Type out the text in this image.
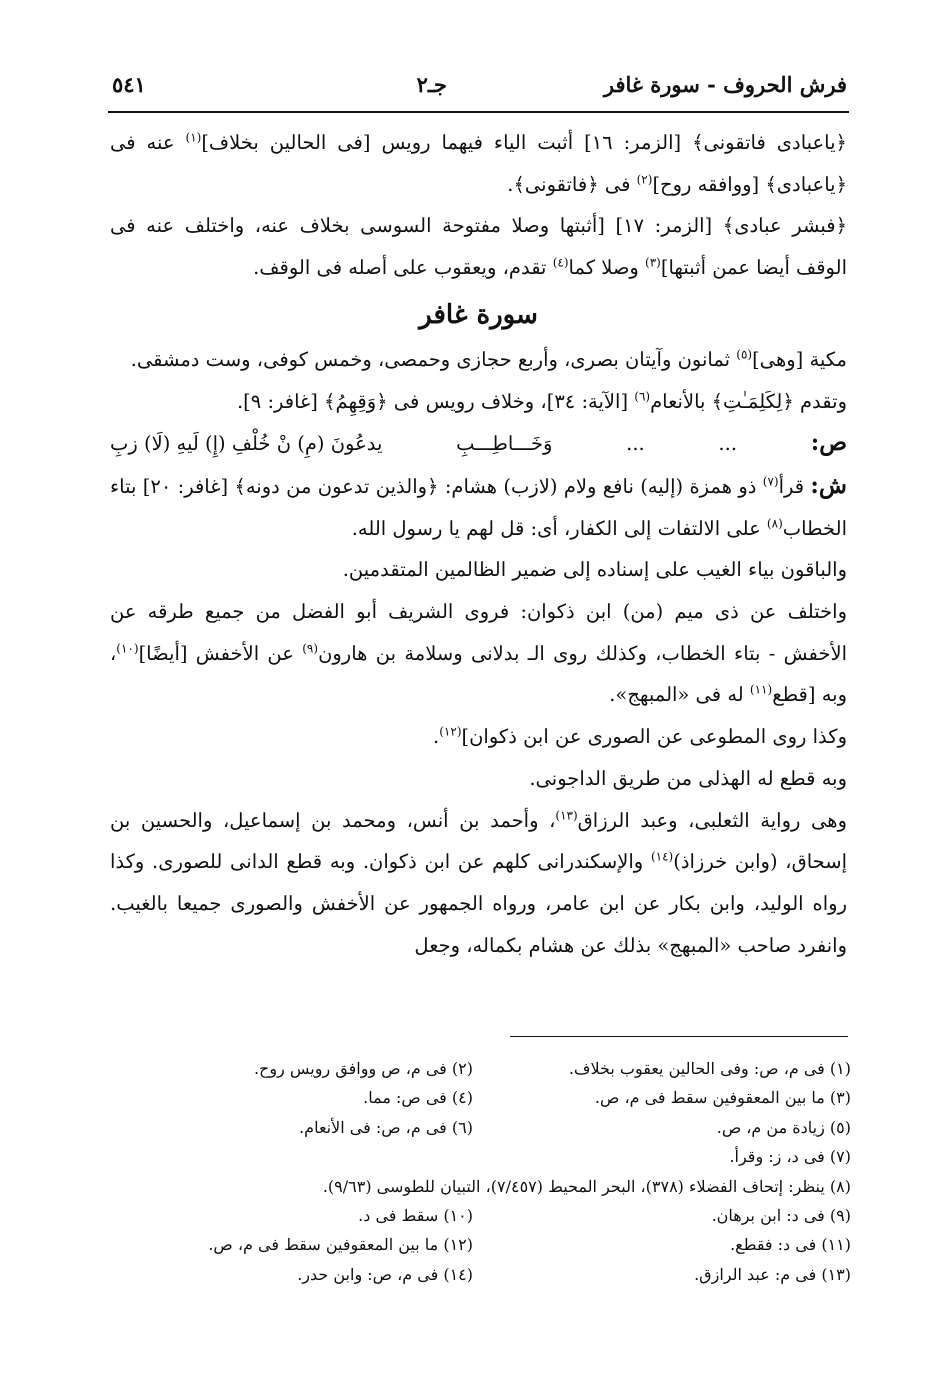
فرش الحروف - سورة غافر
جـ٢
٥٤١

﴿ياعبادى فاتقونى﴾ [الزمر: ١٦] أثبت الياء فيهما رويس [فى الحالين بخلاف]$^{(١)}$ عنه فى ﴿ياعبادى﴾ [ووافقه روح]$^{(٢)}$ فى ﴿فاتقونى﴾.

﴿فبشر عبادى﴾ [الزمر: ١٧] [أثبتها وصلا مفتوحة السوسى بخلاف عنه، واختلف عنه فى الوقف أيضا عمن أثبتها]$^{(٣)}$ وصلا كما$^{(٤)}$ تقدم، ويعقوب على أصله فى الوقف.

سورة غافر

مكية [وهى]$^{(٥)}$ ثمانون وآيتان بصرى، وأربع حجازى وحمصى، وخمس كوفى، وست دمشقى.

وتقدم ﴿لِكَلِمَـٰتِ﴾ بالأنعام$^{(٦)}$ [الآية: ٣٤]، وخلاف رويس فى ﴿وَقِهِمُ﴾ [غافر: ٩].

ص:
...
...
وَخَـــاطِـــبِ
يدعُونَ (مِ) نْ خُلْفِ (إِ) لَيهِ (لَا) زبِ

ش: قرأ$^{(٧)}$ ذو همزة (إليه) نافع ولام (لازب) هشام: ﴿والذين تدعون من دونه﴾ [غافر: ٢٠] بتاء الخطاب$^{(٨)}$ على الالتفات إلى الكفار، أى: قل لهم يا رسول الله.

والباقون بياء الغيب على إسناده إلى ضمير الظالمين المتقدمين.

واختلف عن ذى ميم (من) ابن ذكوان: فروى الشريف أبو الفضل من جميع طرقه عن الأخفش - بتاء الخطاب، وكذلك روى الـ بدلانى وسلامة بن هارون$^{(٩)}$ عن الأخفش [أيضًا]$^{(١٠)}$، وبه [قطع$^{(١١)}$ له فى «المبهج».

وكذا روى المطوعى عن الصورى عن ابن ذكوان]$^{(١٢)}$.

وبه قطع له الهذلى من طريق الداجونى.

وهى رواية الثعلبى، وعبد الرزاق$^{(١٣)}$، وأحمد بن أنس، ومحمد بن إسماعيل، والحسين بن إسحاق، (وابن خرزاذ)$^{(١٤)}$ والإسكندرانى كلهم عن ابن ذكوان. وبه قطع الدانى للصورى. وكذا رواه الوليد، وابن بكار عن ابن عامر، ورواه الجمهور عن الأخفش والصورى جميعا بالغيب. وانفرد صاحب «المبهج» بذلك عن هشام بكماله، وجعل

(١) فى م، ص: وفى الحالين يعقوب بخلاف.
(٢) فى م، ص ووافق رويس روح.
(٣) ما بين المعقوفين سقط فى م، ص.
(٤) فى ص: مما.
(٥) زيادة من م، ص.
(٦) فى م، ص: فى الأنعام.
(٧) فى د، ز: وقرأ.
(٨) ينظر: إتحاف الفضلاء (٣٧٨)، البحر المحيط (٧/٤٥٧)، التبيان للطوسى (٩/٦٣).
(٩) فى د: ابن برهان.
(١٠) سقط فى د.
(١١) فى د: فقطع.
(١٢) ما بين المعقوفين سقط فى م، ص.
(١٣) فى م: عبد الرازق.
(١٤) فى م، ص: وابن حدر.
